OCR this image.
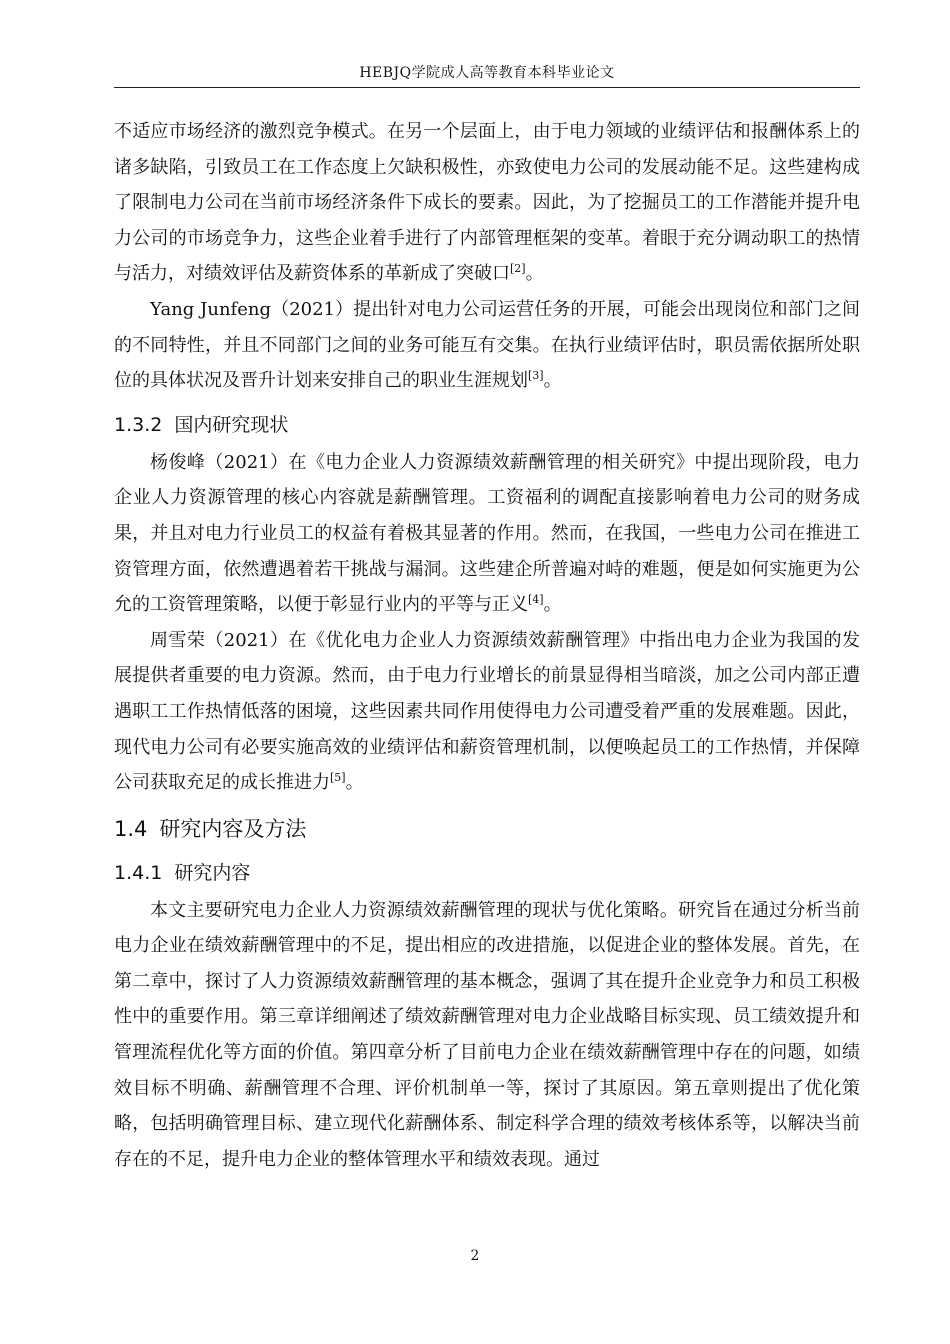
HEBJQ学院成人高等教育本科毕业论文

不适应市场经济的激烈竞争模式。在另一个层面上，由于电力领域的业绩评估和报酬体系上的诸多缺陷，引致员工在工作态度上欠缺积极性，亦致使电力公司的发展动能不足。这些建构成了限制电力公司在当前市场经济条件下成长的要素。因此，为了挖掘员工的工作潜能并提升电力公司的市场竞争力，这些企业着手进行了内部管理框架的变革。着眼于充分调动职工的热情与活力，对绩效评估及薪资体系的革新成了突破口[2]。

Yang Junfeng（2021）提出针对电力公司运营任务的开展，可能会出现岗位和部门之间的不同特性，并且不同部门之间的业务可能互有交集。在执行业绩评估时，职员需依据所处职位的具体状况及晋升计划来安排自己的职业生涯规划[3]。

1.3.2 国内研究现状

杨俊峰（2021）在《电力企业人力资源绩效薪酬管理的相关研究》中提出现阶段，电力企业人力资源管理的核心内容就是薪酬管理。工资福利的调配直接影响着电力公司的财务成果，并且对电力行业员工的权益有着极其显著的作用。然而，在我国，一些电力公司在推进工资管理方面，依然遭遇着若干挑战与漏洞。这些建企所普遍对峙的难题，便是如何实施更为公允的工资管理策略，以便于彰显行业内的平等与正义[4]。

周雪荣（2021）在《优化电力企业人力资源绩效薪酬管理》中指出电力企业为我国的发展提供者重要的电力资源。然而，由于电力行业增长的前景显得相当暗淡，加之公司内部正遭遇职工工作热情低落的困境，这些因素共同作用使得电力公司遭受着严重的发展难题。因此，现代电力公司有必要实施高效的业绩评估和薪资管理机制，以便唤起员工的工作热情，并保障公司获取充足的成长推进力[5]。

1.4 研究内容及方法
1.4.1 研究内容

本文主要研究电力企业人力资源绩效薪酬管理的现状与优化策略。研究旨在通过分析当前电力企业在绩效薪酬管理中的不足，提出相应的改进措施，以促进企业的整体发展。首先，在第二章中，探讨了人力资源绩效薪酬管理的基本概念，强调了其在提升企业竞争力和员工积极性中的重要作用。第三章详细阐述了绩效薪酬管理对电力企业战略目标实现、员工绩效提升和管理流程优化等方面的价值。第四章分析了目前电力企业在绩效薪酬管理中存在的问题，如绩效目标不明确、薪酬管理不合理、评价机制单一等，探讨了其原因。第五章则提出了优化策略，包括明确管理目标、建立现代化薪酬体系、制定科学合理的绩效考核体系等，以解决当前存在的不足，提升电力企业的整体管理水平和绩效表现。通过

2
